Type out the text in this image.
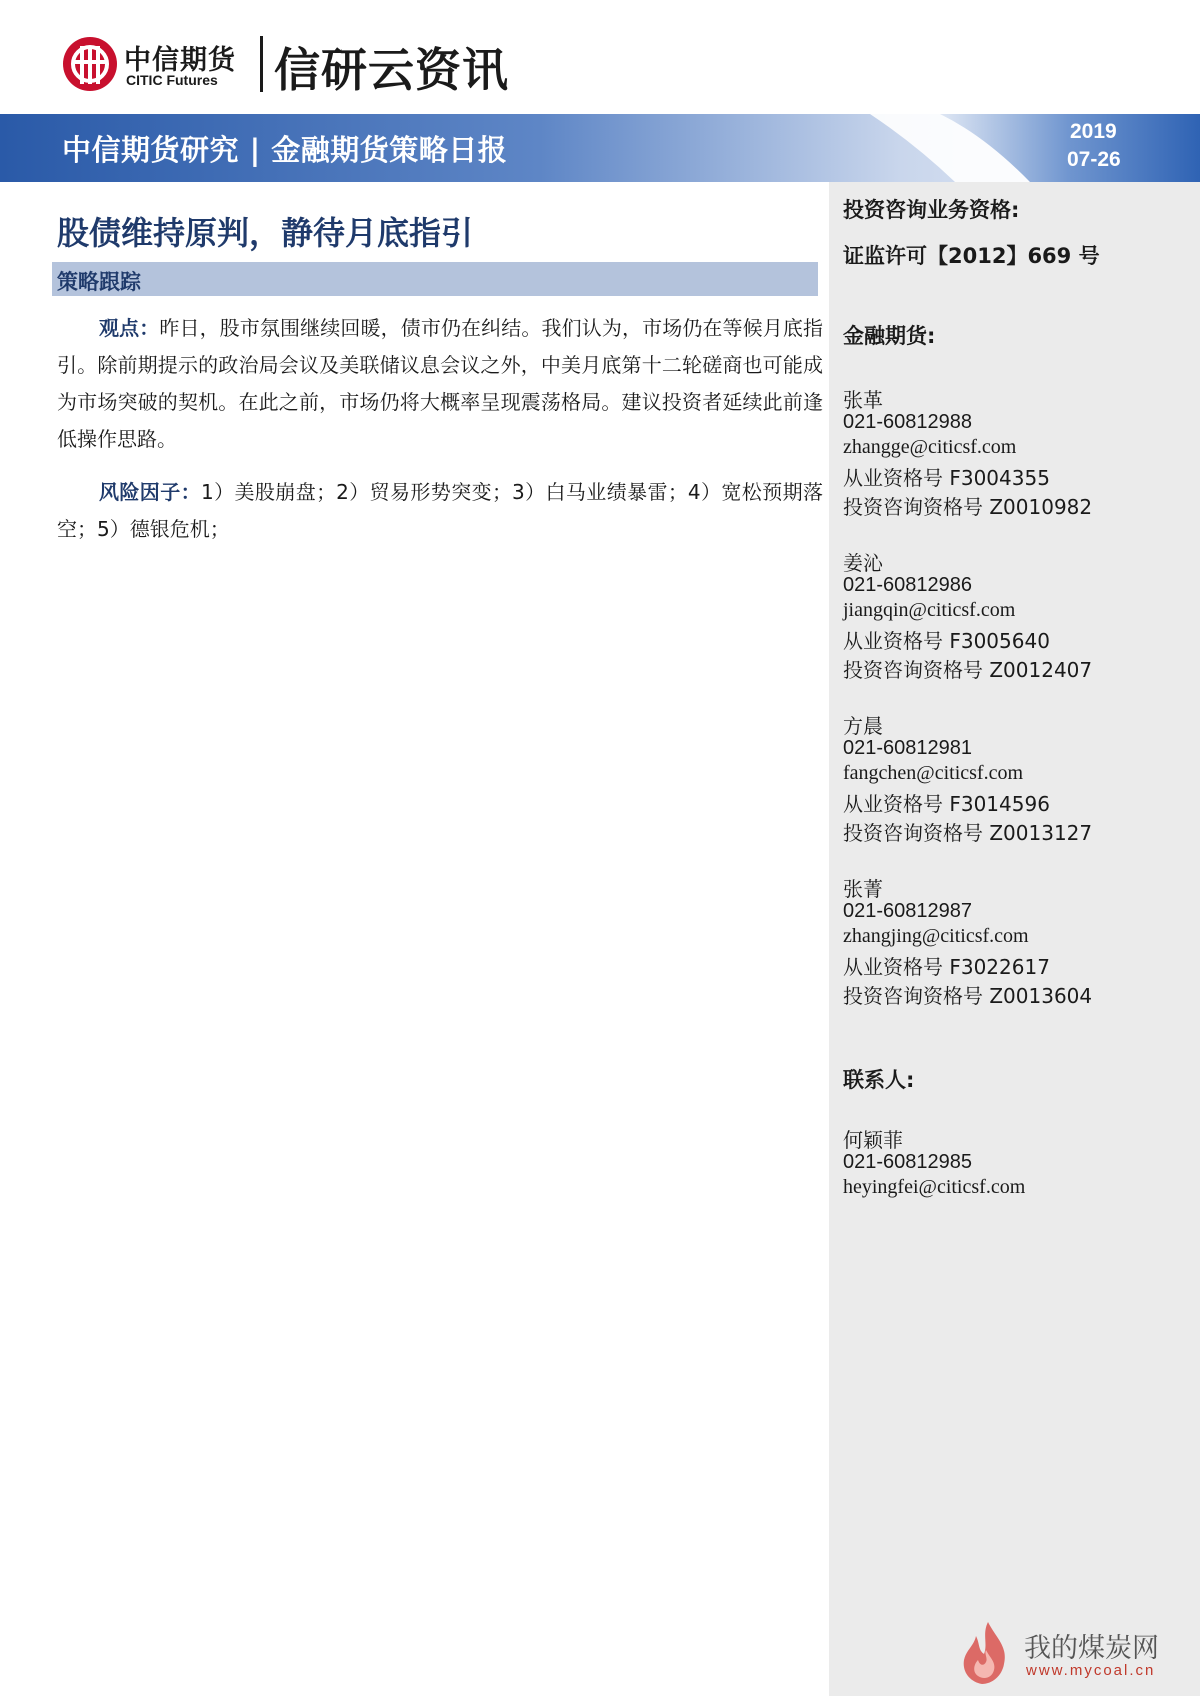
中信期货
CITIC Futures 信研云资讯
中信期货研究 | 金融期货策略日报
2019
07-26
投资咨询业务资格:
证监许可【2012】669 号
金融期货:
张革
021-60812988
zhangge@citicsf.com
从业资格号 F3004355
投资咨询资格号 Z0010982
姜沁
021-60812986
jiangqin@citicsf.com
从业资格号 F3005640
投资咨询资格号 Z0012407
方晨
021-60812981
fangchen@citicsf.com
从业资格号 F3014596
投资咨询资格号 Z0013127
张菁
021-60812987
zhangjing@citicsf.com
从业资格号 F3022617
投资咨询资格号 Z0013604
联系人:
何颖菲
021-60812985
heyingfei@citicsf.com
股债维持原判，静待月底指引
策略跟踪
观点：昨日，股市氛围继续回暖，债市仍在纠结。我们认为，市场仍在等候月底指引。除前期提示的政治局会议及美联储议息会议之外，中美月底第十二轮磋商也可能成为市场突破的契机。在此之前，市场仍将大概率呈现震荡格局。建议投资者延续此前逢低操作思路。
风险因子：1）美股崩盘；2）贸易形势突变；3）白马业绩暴雷；4）宽松预期落空；5）德银危机；
我的煤炭网
www.mycoal.cn
